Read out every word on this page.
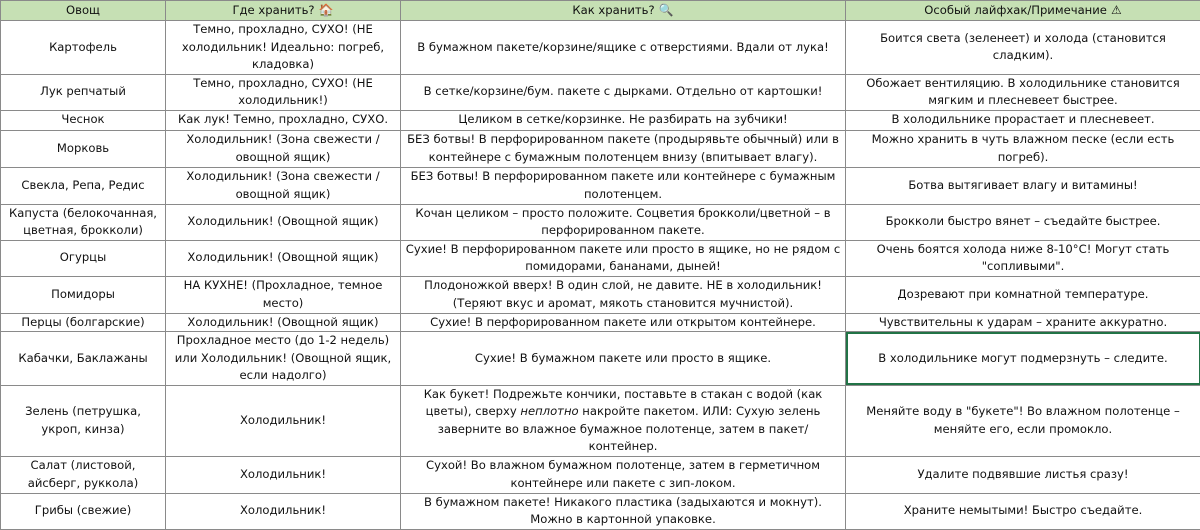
Овощ	Где хранить? 🏠	Как хранить? 🔍	Особый лайфхак/Примечание ⚠
Картофель	Темно, прохладно, СУХО! (НЕ холодильник! Идеально: погреб, кладовка)	В бумажном пакете/корзине/ящике с отверстиями. Вдали от лука!	Боится света (зеленеет) и холода (становится сладким).
Лук репчатый	Темно, прохладно, СУХО! (НЕ холодильник!)	В сетке/корзине/бум. пакете с дырками. Отдельно от картошки!	Обожает вентиляцию. В холодильнике становится мягким и плесневеет быстрее.
Чеснок	Как лук! Темно, прохладно, СУХО.	Целиком в сетке/корзинке. Не разбирать на зубчики!	В холодильнике прорастает и плесневеет.
Морковь	Холодильник! (Зона свежести / овощной ящик)	БЕЗ ботвы! В перфорированном пакете (продырявьте обычный) или в контейнере с бумажным полотенцем внизу (впитывает влагу).	Можно хранить в чуть влажном песке (если есть погреб).
Свекла, Репа, Редис	Холодильник! (Зона свежести / овощной ящик)	БЕЗ ботвы! В перфорированном пакете или контейнере с бумажным полотенцем.	Ботва вытягивает влагу и витамины!
Капуста (белокочанная, цветная, брокколи)	Холодильник! (Овощной ящик)	Кочан целиком – просто положите. Соцветия брокколи/цветной – в перфорированном пакете.	Брокколи быстро вянет – съедайте быстрее.
Огурцы	Холодильник! (Овощной ящик)	Сухие! В перфорированном пакете или просто в ящике, но не рядом с помидорами, бананами, дыней!	Очень боятся холода ниже 8-10°C! Могут стать "сопливыми".
Помидоры	НА КУХНЕ! (Прохладное, темное место)	Плодоножкой вверх! В один слой, не давите. НЕ в холодильник! (Теряют вкус и аромат, мякоть становится мучнистой).	Дозревают при комнатной температуре.
Перцы (болгарские)	Холодильник! (Овощной ящик)	Сухие! В перфорированном пакете или открытом контейнере.	Чувствительны к ударам – храните аккуратно.
Кабачки, Баклажаны	Прохладное место (до 1-2 недель) или Холодильник! (Овощной ящик, если надолго)	Сухие! В бумажном пакете или просто в ящике.	В холодильнике могут подмерзнуть – следите.
Зелень (петрушка, укроп, кинза)	Холодильник!	Как букет! Подрежьте кончики, поставьте в стакан с водой (как цветы), сверху неплотно накройте пакетом. ИЛИ: Сухую зелень заверните во влажное бумажное полотенце, затем в пакет/контейнер.	Меняйте воду в "букете"! Во влажном полотенце – меняйте его, если промокло.
Салат (листовой, айсберг, руккола)	Холодильник!	Сухой! Во влажном бумажном полотенце, затем в герметичном контейнере или пакете с зип-локом.	Удалите подвявшие листья сразу!
Грибы (свежие)	Холодильник!	В бумажном пакете! Никакого пластика (задыхаются и мокнут). Можно в картонной упаковке.	Храните немытыми! Быстро съедайте.
